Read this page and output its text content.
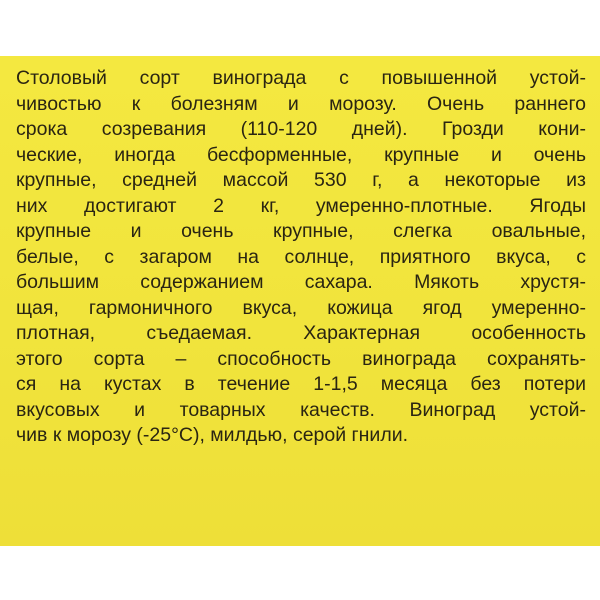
Столовый сорт винограда с повышенной устой-
чивостью к болезням и морозу. Очень раннего
срока созревания (110-120 дней). Грозди кони-
ческие, иногда бесформенные, крупные и очень
крупные, средней массой 530 г, а некоторые из
них достигают 2 кг, умеренно-плотные. Ягоды
крупные и очень крупные, слегка овальные,
белые, с загаром на солнце, приятного вкуса, с
большим содержанием сахара. Мякоть хрустя-
щая, гармоничного вкуса, кожица ягод умеренно-
плотная, съедаемая. Характерная особенность
этого сорта – способность винограда сохранять-
ся на кустах в течение 1-1,5 месяца без потери
вкусовых и товарных качеств. Виноград устой-
чив к морозу (-25°С), милдью, серой гнили.
